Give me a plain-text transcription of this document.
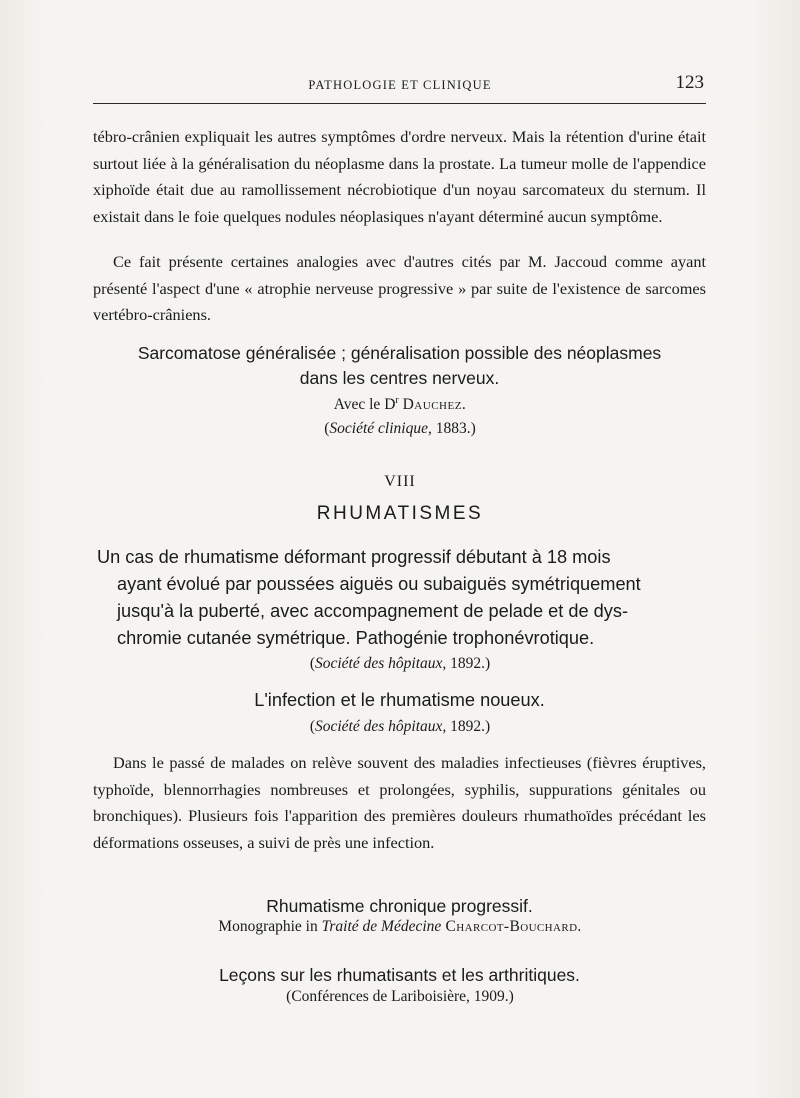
PATHOLOGIE ET CLINIQUE	123

tébro-crânien expliquait les autres symptômes d'ordre nerveux. Mais la rétention d'urine était surtout liée à la généralisation du néoplasme dans la prostate. La tumeur molle de l'appendice xiphoïde était due au ramollissement nécrobiotique d'un noyau sarcomateux du sternum. Il existait dans le foie quelques nodules néoplasiques n'ayant déterminé aucun symptôme.

Ce fait présente certaines analogies avec d'autres cités par M. Jaccoud comme ayant présenté l'aspect d'une « atrophie nerveuse progressive » par suite de l'existence de sarcomes vertébro-crâniens.

Sarcomatose généralisée ; généralisation possible des néoplasmes
dans les centres nerveux.
Avec le $D^r$ Dauchez.
(Société clinique, 1883.)
VIII
RHUMATISMES
Un cas de rhumatisme déformant progressif débutant à 18 mois
ayant évolué par poussées aiguës ou subaiguës symétriquement
jusqu'à la puberté, avec accompagnement de pelade et de dys-
chromie cutanée symétrique. Pathogénie trophonévrotique.
(Société des hôpitaux, 1892.)
L'infection et le rhumatisme noueux.
(Société des hôpitaux, 1892.)

Dans le passé de malades on relève souvent des maladies infectieuses (fièvres éruptives, typhoïde, blennorrhagies nombreuses et prolongées, syphilis, suppurations génitales ou bronchiques). Plusieurs fois l'apparition des premières douleurs rhumathoïdes précédant les déformations osseuses, a suivi de près une infection.

Rhumatisme chronique progressif.
Monographie in Traité de Médecine Charcot-Bouchard.
Leçons sur les rhumatisants et les arthritiques.
(Conférences de Lariboisière, 1909.)
